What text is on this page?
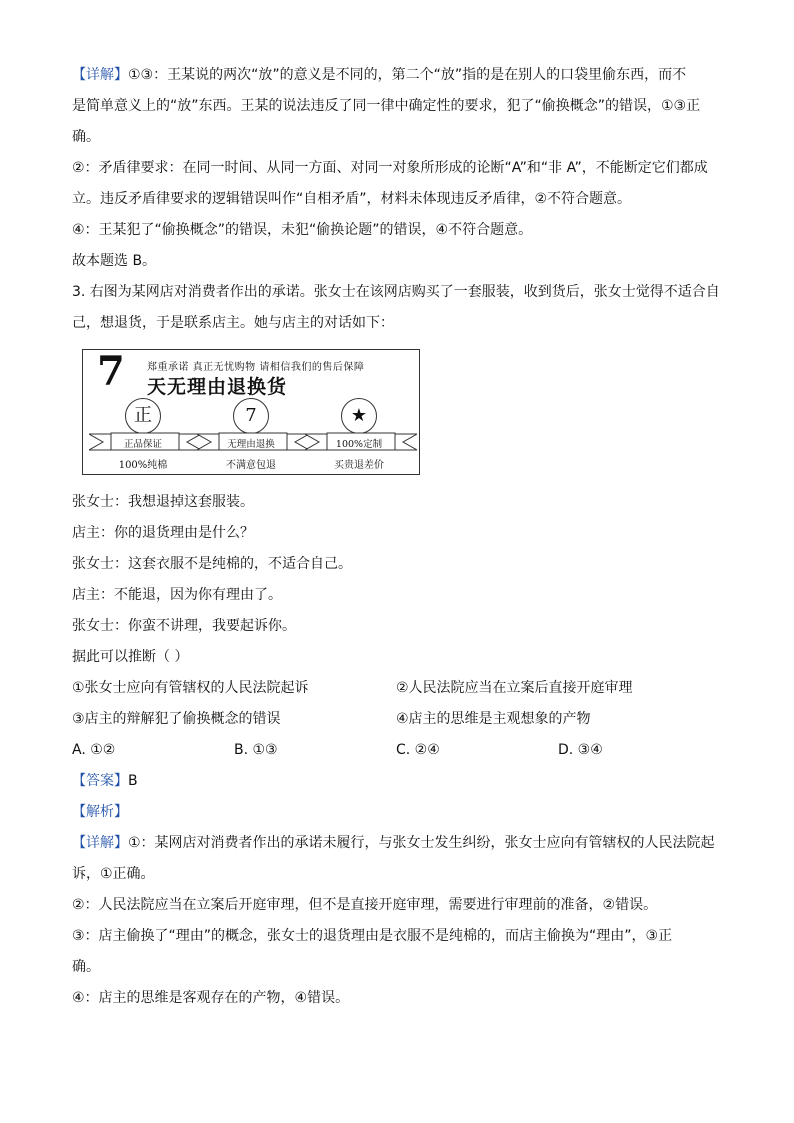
【详解】①③：王某说的两次“放”的意义是不同的，第二个“放”指的是在别人的口袋里偷东西，而不

是简单意义上的“放”东西。王某的说法违反了同一律中确定性的要求，犯了“偷换概念”的错误，①③正

确。

②：矛盾律要求：在同一时间、从同一方面、对同一对象所形成的论断“A”和“非 A”，不能断定它们都成

立。违反矛盾律要求的逻辑错误叫作“自相矛盾”，材料未体现违反矛盾律，②不符合题意。

④：王某犯了“偷换概念”的错误，未犯“偷换论题”的错误，④不符合题意。

故本题选 B。

3. 右图为某网店对消费者作出的承诺。张女士在该网店购买了一套服装，收到货后，张女士觉得不适合自

己，想退货，于是联系店主。她与店主的对话如下：

7 郑重承诺 真正无忧购物 请相信我们的售后保障
天无理由退换货
正
正品保证
100%纯棉
7
无理由退换
不满意包退
★
100%定制
买贵退差价

张女士：我想退掉这套服装。

店主：你的退货理由是什么？

张女士：这套衣服不是纯棉的，不适合自己。

店主：不能退，因为你有理由了。

张女士：你蛮不讲理，我要起诉你。

据此可以推断（ ）

①张女士应向有管辖权的人民法院起诉	②人民法院应当在立案后直接开庭审理
③店主的辩解犯了偷换概念的错误	④店主的思维是主观想象的产物
A. ①②	B. ①③	C. ②④	D. ③④

【答案】B

【解析】

【详解】①：某网店对消费者作出的承诺未履行，与张女士发生纠纷，张女士应向有管辖权的人民法院起

诉，①正确。

②：人民法院应当在立案后开庭审理，但不是直接开庭审理，需要进行审理前的准备，②错误。

③：店主偷换了“理由”的概念，张女士的退货理由是衣服不是纯棉的，而店主偷换为“理由”，③正

确。

④：店主的思维是客观存在的产物，④错误。
